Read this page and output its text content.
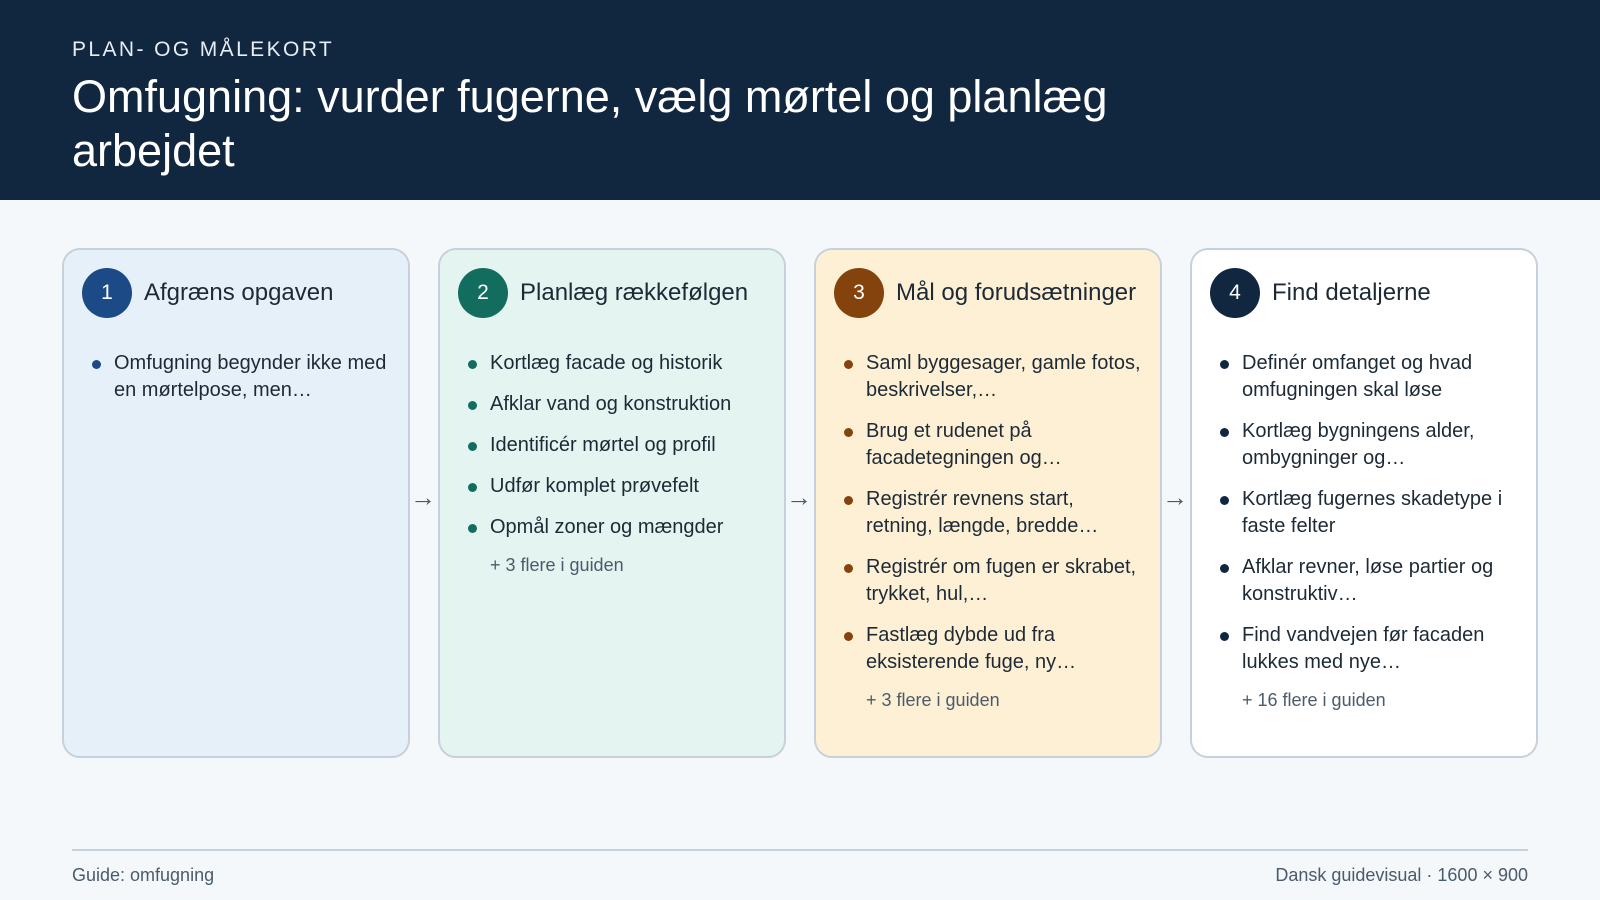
PLAN- OG MÅLEKORT
Omfugning: vurder fugerne, vælg mørtel og planlæg arbejdet
1	Afgræns opgaven
Omfugning begynder ikke med en mørtelpose, men…
→
2	Planlæg rækkefølgen
Kortlæg facade og historik
Afklar vand og konstruktion
Identificér mørtel og profil
Udfør komplet prøvefelt
Opmål zoner og mængder
+ 3 flere i guiden
→
3	Mål og forudsætninger
Saml byggesager, gamle fotos, beskrivelser,…
Brug et rudenet på facadetegningen og…
Registrér revnens start, retning, længde, bredde…
Registrér om fugen er skrabet, trykket, hul,…
Fastlæg dybde ud fra eksisterende fuge, ny…
+ 3 flere i guiden
→
4	Find detaljerne
Definér omfanget og hvad omfugningen skal løse
Kortlæg bygningens alder, ombygninger og…
Kortlæg fugernes skadetype i faste felter
Afklar revner, løse partier og konstruktiv…
Find vandvejen før facaden lukkes med nye…
+ 16 flere i guiden
Guide: omfugning	Dansk guidevisual · 1600 × 900
